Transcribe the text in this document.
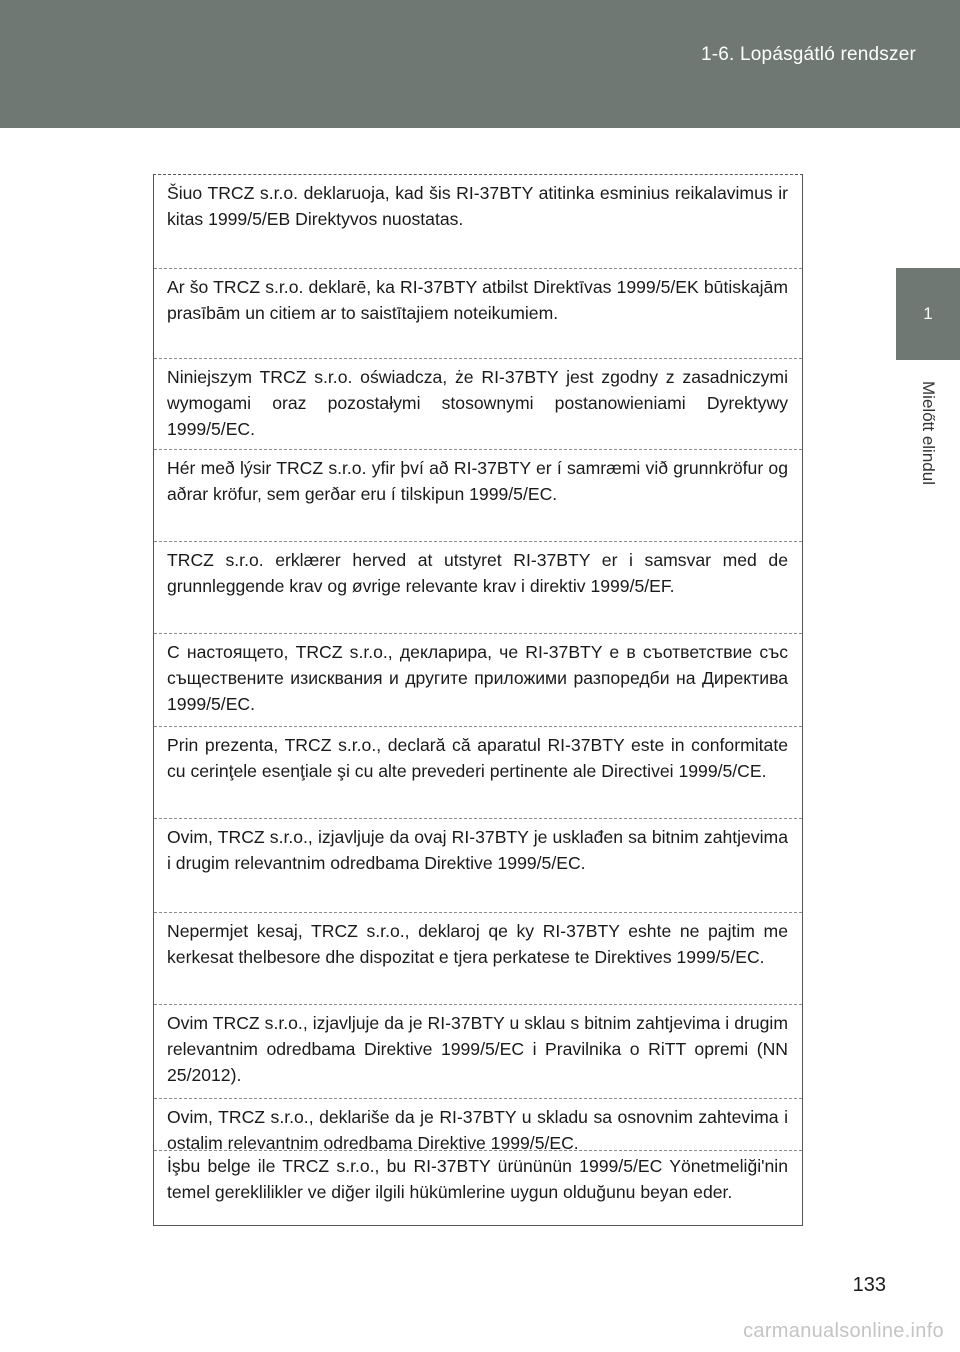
1-6. Lopásgátló rendszer
1
Mielőtt elindul
Šiuo TRCZ s.r.o. deklaruoja, kad šis RI-37BTY atitinka esminius reikalavimus ir kitas 1999/5/EB Direktyvos nuostatas.
Ar šo TRCZ s.r.o. deklarē, ka RI-37BTY atbilst Direktīvas 1999/5/EK būtiskajām prasībām un citiem ar to saistītajiem noteikumiem.
Niniejszym TRCZ s.r.o. oświadcza, że RI-37BTY jest zgodny z zasadniczymi wymogami oraz pozostałymi stosownymi postanowieniami Dyrektywy 1999/5/EC.
Hér með lýsir TRCZ s.r.o. yfir því að RI-37BTY er í samræmi við grunnkröfur og aðrar kröfur, sem gerðar eru í tilskipun 1999/5/EC.
TRCZ s.r.o. erklærer herved at utstyret RI-37BTY er i samsvar med de grunnleggende krav og øvrige relevante krav i direktiv 1999/5/EF.
С настоящето, TRCZ s.r.o., декларира, че RI-37BTY е в съответствие със съществените изисквания и другите приложими разпоредби на Директива 1999/5/ЕС.
Prin prezenta, TRCZ s.r.o., declară că aparatul RI-37BTY este in conformitate cu cerinţele esenţiale şi cu alte prevederi pertinente ale Directivei 1999/5/CE.
Ovim, TRCZ s.r.o., izjavljuje da ovaj RI-37BTY je usklađen sa bitnim zahtjevima i drugim relevantnim odredbama Direktive 1999/5/EC.
Nepermjet kesaj, TRCZ s.r.o., deklaroj qe ky RI-37BTY eshte ne pajtim me kerkesat thelbesore dhe dispozitat e tjera perkatese te Direktives 1999/5/EC.
Ovim TRCZ s.r.o., izjavljuje da je RI-37BTY u sklau s bitnim zahtjevima i drugim relevantnim odredbama Direktive 1999/5/EC i Pravilnika o RiTT opremi (NN 25/2012).
Ovim, TRCZ s.r.o., deklariše da je RI-37BTY u skladu sa osnovnim zahtevima i ostalim relevantnim odredbama Direktive 1999/5/EC.
İşbu belge ile TRCZ s.r.o., bu RI-37BTY ürününün 1999/5/EC Yönetmeliği'nin temel gereklilikler ve diğer ilgili hükümlerine uygun olduğunu beyan eder.
133
carmanualsonline.info
